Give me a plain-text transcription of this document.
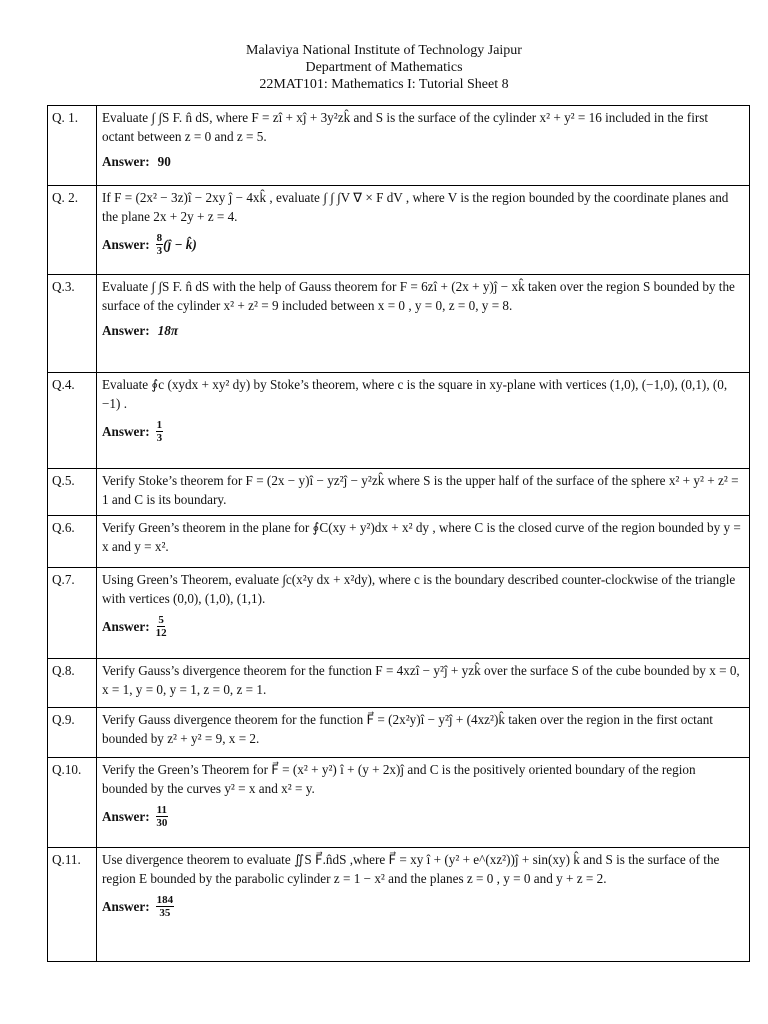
Malaviya National Institute of Technology Jaipur
Department of Mathematics
22MAT101: Mathematics I: Tutorial Sheet 8
Q. 1.	Evaluate ∫ ∫S F. n̂ dS, where F = zî + xĵ + 3y²zk̂ and S is the surface of the cylinder x² + y² = 16 included in the first octant between z = 0 and z = 5.
Answer: 90

Q. 2.	If F = (2x² − 3z)î − 2xy ĵ − 4xk̂ , evaluate ∫ ∫ ∫V ∇ × F dV , where V is the region bounded by the coordinate planes and the plane 2x + 2y + z = 4.
Answer: $\frac{8}{3}$ (ĵ − k̂)

Q.3.	Evaluate ∫ ∫S F. n̂ dS with the help of Gauss theorem for F = 6zî + (2x + y)ĵ − xk̂ taken over the region S bounded by the surface of the cylinder x² + z² = 9 included between x = 0 , y = 0, z = 0, y = 8.
Answer: 18π

Q.4.	Evaluate ∮c (xydx + xy² dy) by Stoke’s theorem, where c is the square in xy-plane with vertices (1,0), (−1,0), (0,1), (0, −1) .
Answer: $\frac{1}{3}$

Q.5.	Verify Stoke’s theorem for F = (2x − y)î − yz²ĵ − y²zk̂ where S is the upper half of the surface of the sphere x² + y² + z² = 1 and C is its boundary.

Q.6.	Verify Green’s theorem in the plane for ∮C(xy + y²)dx + x² dy , where C is the closed curve of the region bounded by y = x and y = x².

Q.7.	Using Green’s Theorem, evaluate ∫c(x²y dx + x²dy), where c is the boundary described counter-clockwise of the triangle with vertices (0,0), (1,0), (1,1).
Answer: $\frac{5}{12}$

Q.8.	Verify Gauss’s divergence theorem for the function F = 4xzî − y²ĵ + yzk̂ over the surface S of the cube bounded by x = 0, x = 1, y = 0, y = 1, z = 0, z = 1.

Q.9.	Verify Gauss divergence theorem for the function F⃗ = (2x²y)î − y²ĵ + (4xz²)k̂ taken over the region in the first octant bounded by z² + y² = 9, x = 2.

Q.10.	Verify the Green’s Theorem for F⃗ = (x² + y²) î + (y + 2x)ĵ and C is the positively oriented boundary of the region bounded by the curves y² = x and x² = y.
Answer: $\frac{11}{30}$

Q.11.	Use divergence theorem to evaluate ∬S F⃗.n̂dS ,where F⃗ = xy î + (y² + e^(xz²))ĵ + sin(xy) k̂ and S is the surface of the region E bounded by the parabolic cylinder z = 1 − x² and the planes z = 0 , y = 0 and y + z = 2.
Answer: $\frac{184}{35}$
